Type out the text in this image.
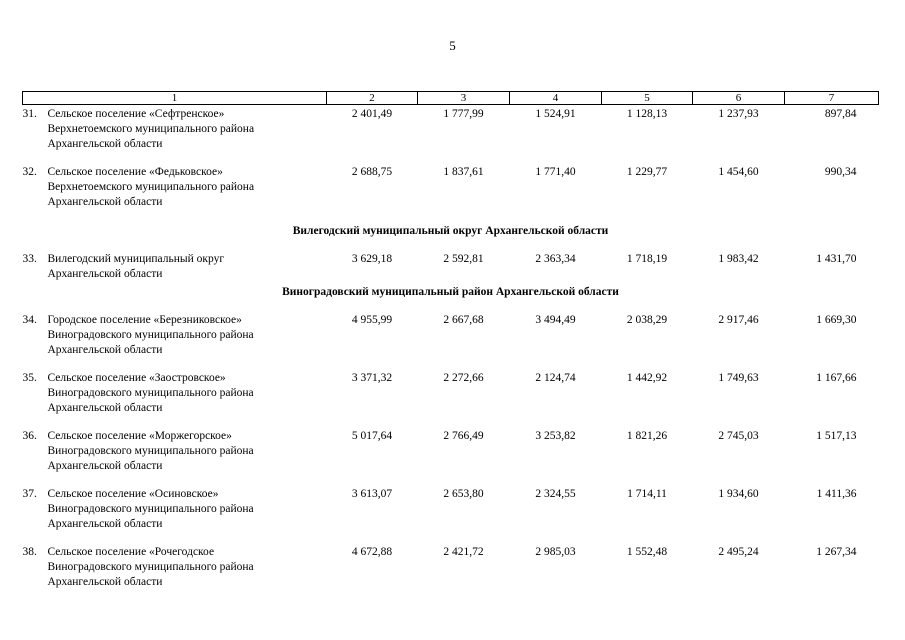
5
1	2	3	4	5	6	7
31. Сельское поселение «Сефтренское»
Верхнетоемского муниципального района
Архангельской области	2 401,49	1 777,99	1 524,91	1 128,13	1 237,93	897,84
32. Сельское поселение «Федьковское»
Верхнетоемского муниципального района
Архангельской области	2 688,75	1 837,61	1 771,40	1 229,77	1 454,60	990,34
Вилегодский муниципальный округ Архангельской области						
33. Вилегодский муниципальный округ
Архангельской области	3 629,18	2 592,81	2 363,34	1 718,19	1 983,42	1 431,70
Виноградовский муниципальный район Архангельской области						
34. Городское поселение «Березниковское»
Виноградовского муниципального района
Архангельской области	4 955,99	2 667,68	3 494,49	2 038,29	2 917,46	1 669,30
35. Сельское поселение «Заостровское»
Виноградовского муниципального района
Архангельской области	3 371,32	2 272,66	2 124,74	1 442,92	1 749,63	1 167,66
36. Сельское поселение «Моржегорское»
Виноградовского муниципального района
Архангельской области	5 017,64	2 766,49	3 253,82	1 821,26	2 745,03	1 517,13
37. Сельское поселение «Осиновское»
Виноградовского муниципального района
Архангельской области	3 613,07	2 653,80	2 324,55	1 714,11	1 934,60	1 411,36
38. Сельское поселение «Рочегодское
Виноградовского муниципального района
Архангельской области	4 672,88	2 421,72	2 985,03	1 552,48	2 495,24	1 267,34
